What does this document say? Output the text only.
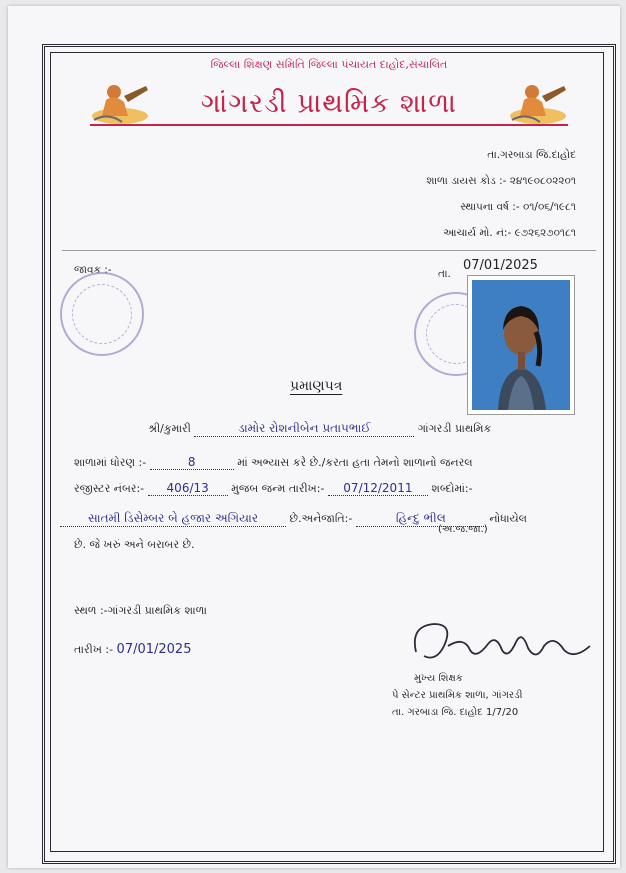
જિલ્લા શિક્ષણ સમિતિ જિલ્લા પંચાયત દાહોદ,સંચાલિત
ગાંગરડી પ્રાથમિક શાળા
તા.ગરબાડા જિ.દાહોદ
શાળા ડાયસ કોડ :- ૨૪૧૯૦૮૦૨૨૦૧
સ્થાપના વર્ષ :- ૦૧/૦૬/૧૯૮૧
આચાર્ય મો. નં:- ૯૭૨૬૨૭૦૧૮૧
જાવક :-	તા.
07/01/2025
પ્રમાણપત્ર
શ્રી/કુમારી	ડામોર રોશનીબેન પ્રતાપભાઈ	ગાંગરડી પ્રાથમિક
શાળામાં ધોરણ :-	8	માં અભ્યાસ કરે છે./કરતા હતા તેમનો શાળાનો જનરલ
રજીસ્ટર નંબર:- 406/13 મુજબ જન્મ તારીખ:- 07/12/2011 શબ્દોમાં:-
સાતમી ડિસેમ્બર બે હજાર અગિયાર	છે.અનેજાતિ:-	હિન્દુ ભીલ	નોધાયેલ
(અ.જ.જા.)
છે. જે ખરું અને બરાબર છે.
સ્થળ :-ગાંગરડી પ્રાથમિક શાળા
તારીખ :- 07/01/2025
મુખ્ય શિક્ષક
પે સેન્ટર પ્રાથમિક શાળા, ગાંગરડી
તા. ગરબાડા જિ. દાહોદ 1/7/20
